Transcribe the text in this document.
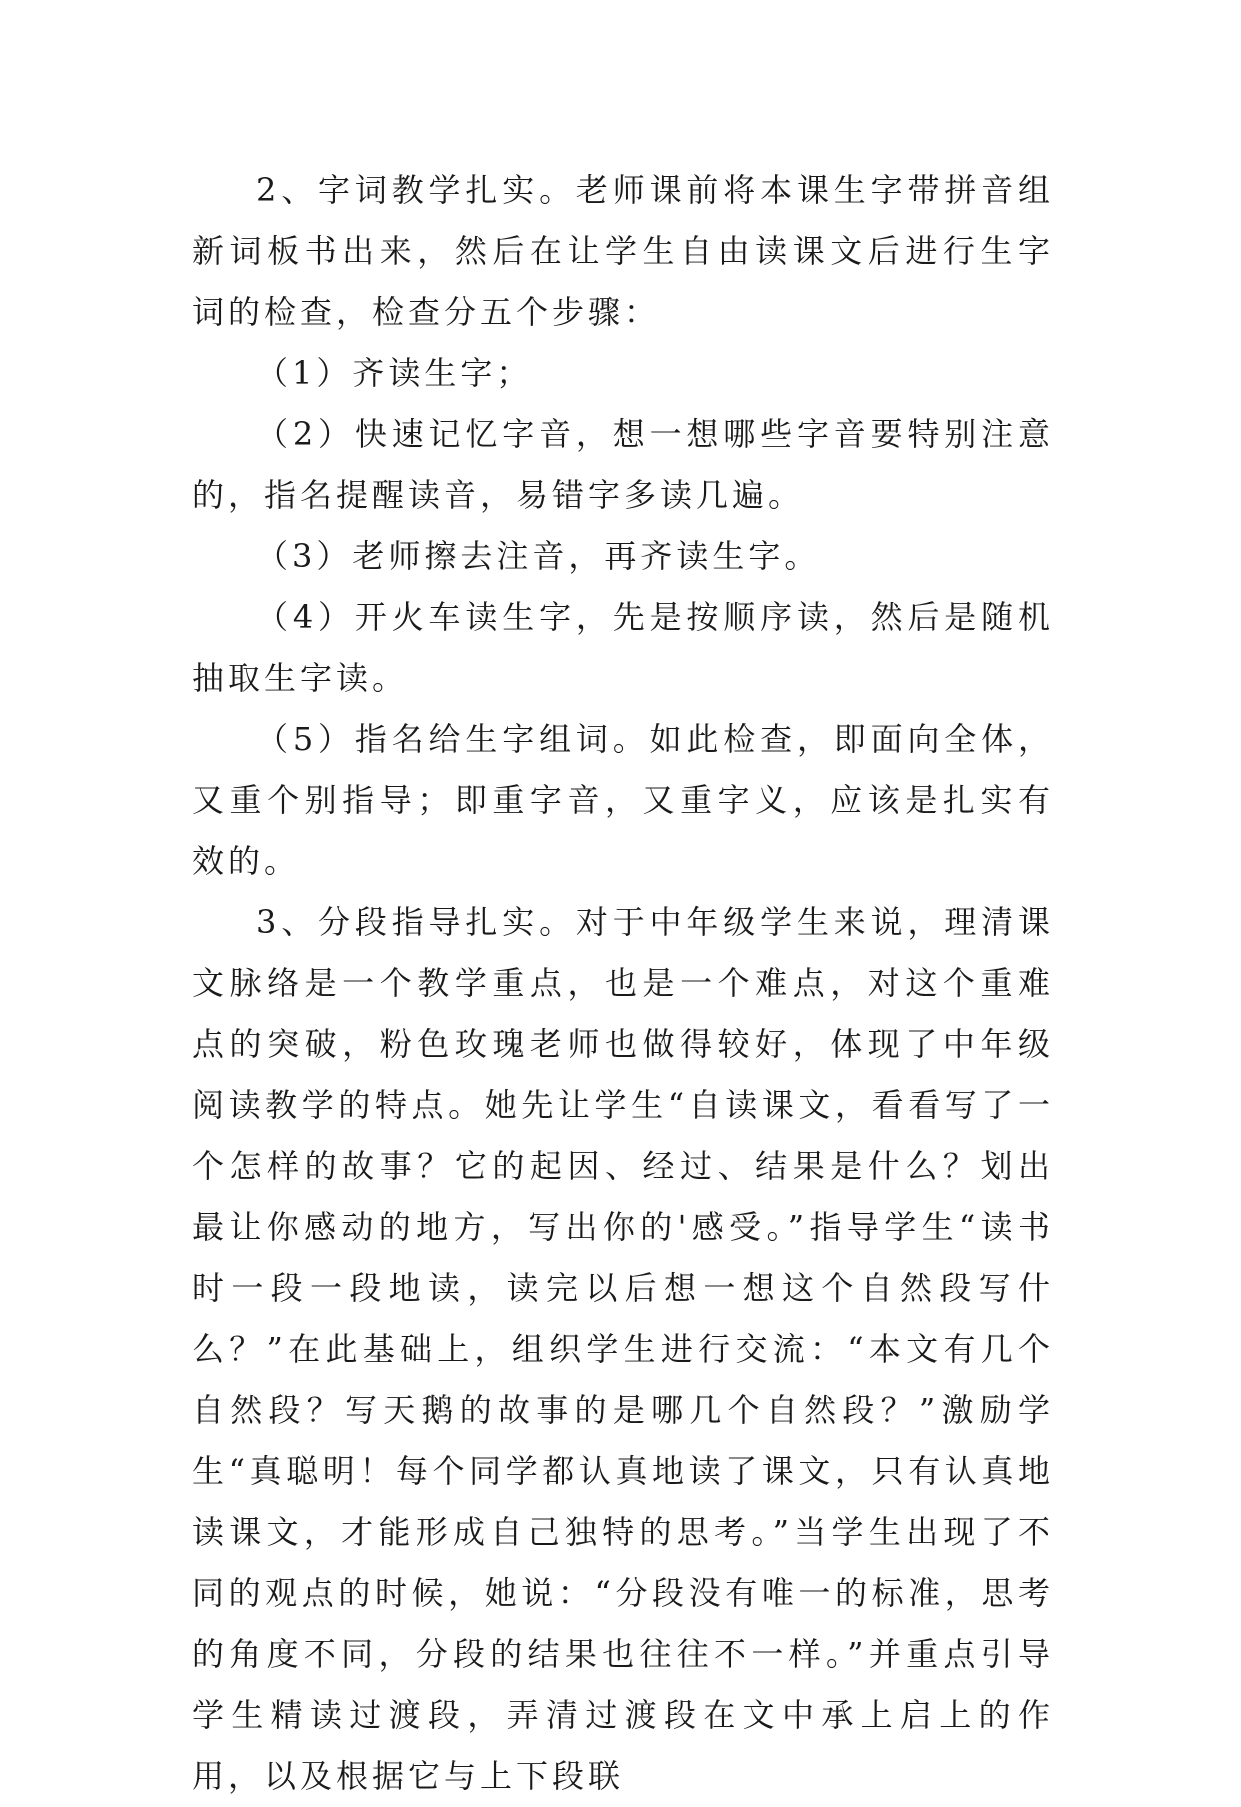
2、字词教学扎实。老师课前将本课生字带拼音组新词板书出来，然后在让学生自由读课文后进行生字词的检查，检查分五个步骤：

（1）齐读生字；

（2）快速记忆字音，想一想哪些字音要特别注意的，指名提醒读音，易错字多读几遍。

（3）老师擦去注音，再齐读生字。

（4）开火车读生字，先是按顺序读，然后是随机抽取生字读。

（5）指名给生字组词。如此检查，即面向全体，又重个别指导；即重字音，又重字义，应该是扎实有效的。

3、分段指导扎实。对于中年级学生来说，理清课文脉络是一个教学重点，也是一个难点，对这个重难点的突破，粉色玫瑰老师也做得较好，体现了中年级阅读教学的特点。她先让学生“自读课文，看看写了一个怎样的故事？它的起因、经过、结果是什么？划出最让你感动的地方，写出你的'感受。”指导学生“读书时一段一段地读，读完以后想一想这个自然段写什么？”在此基础上，组织学生进行交流：“本文有几个自然段？写天鹅的故事的是哪几个自然段？”激励学生“真聪明！每个同学都认真地读了课文，只有认真地读课文，才能形成自己独特的思考。”当学生出现了不同的观点的时候，她说：“分段没有唯一的标准，思考的角度不同，分段的结果也往往不一样。”并重点引导学生精读过渡段，弄清过渡段在文中承上启上的作用，以及根据它与上下段联
